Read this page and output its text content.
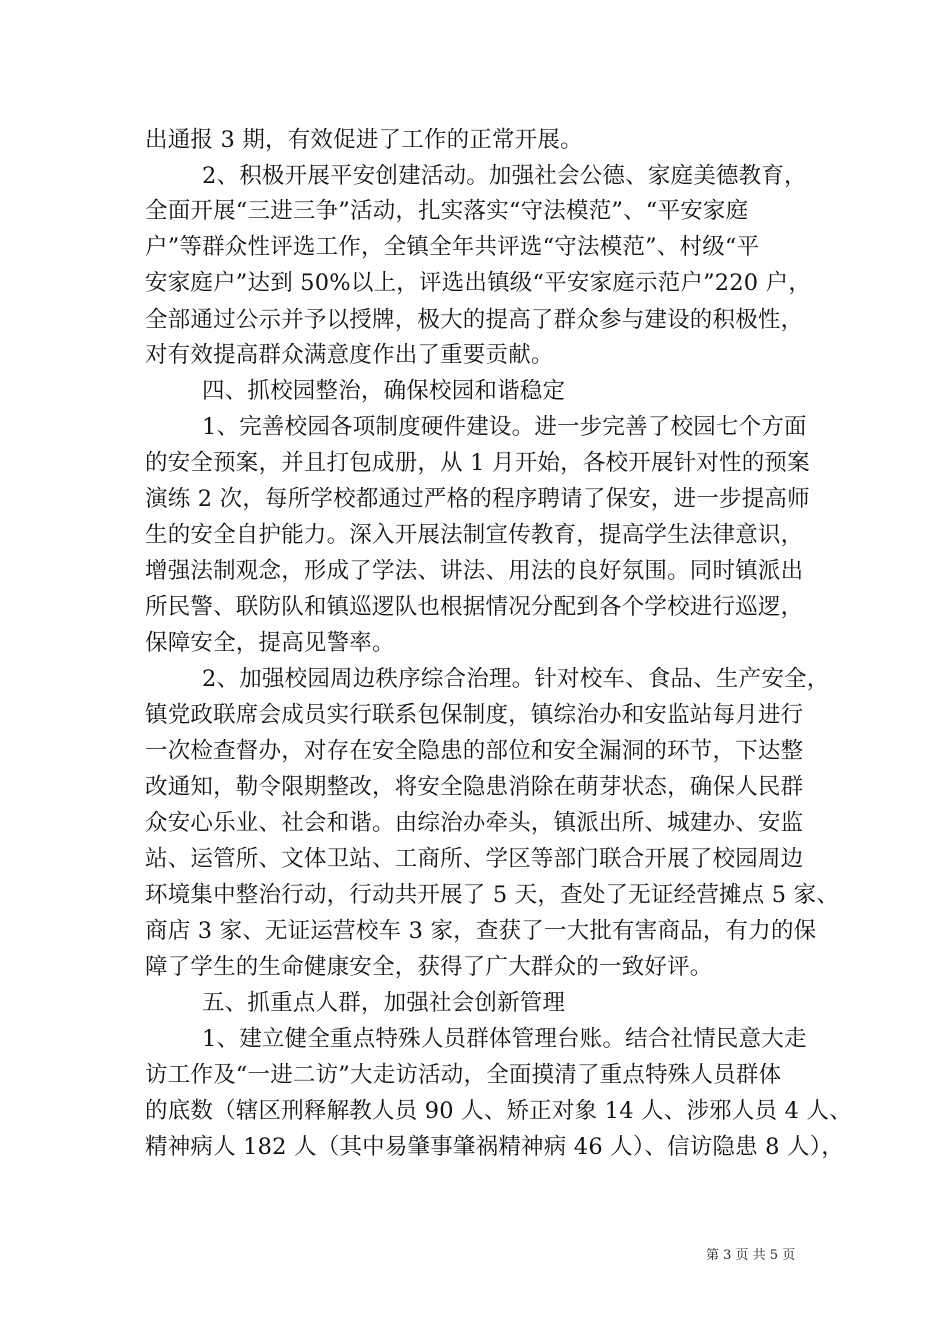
出通报 3 期，有效促进了工作的正常开展。
2、积极开展平安创建活动。加强社会公德、家庭美德教育，
全面开展“三进三争”活动，扎实落实“守法模范”、“平安家庭
户”等群众性评选工作，全镇全年共评选“守法模范”、村级“平
安家庭户”达到 50%以上，评选出镇级“平安家庭示范户”220 户，
全部通过公示并予以授牌，极大的提高了群众参与建设的积极性，
对有效提高群众满意度作出了重要贡献。
四、抓校园整治，确保校园和谐稳定
1、完善校园各项制度硬件建设。进一步完善了校园七个方面
的安全预案，并且打包成册，从 1 月开始，各校开展针对性的预案
演练 2 次，每所学校都通过严格的程序聘请了保安，进一步提高师
生的安全自护能力。深入开展法制宣传教育，提高学生法律意识，
增强法制观念，形成了学法、讲法、用法的良好氛围。同时镇派出
所民警、联防队和镇巡逻队也根据情况分配到各个学校进行巡逻，
保障安全，提高见警率。
2、加强校园周边秩序综合治理。针对校车、食品、生产安全，
镇党政联席会成员实行联系包保制度，镇综治办和安监站每月进行
一次检查督办，对存在安全隐患的部位和安全漏洞的环节，下达整
改通知，勒令限期整改，将安全隐患消除在萌芽状态，确保人民群
众安心乐业、社会和谐。由综治办牵头，镇派出所、城建办、安监
站、运管所、文体卫站、工商所、学区等部门联合开展了校园周边
环境集中整治行动，行动共开展了 5 天，查处了无证经营摊点 5 家、
商店 3 家、无证运营校车 3 家，查获了一大批有害商品，有力的保
障了学生的生命健康安全，获得了广大群众的一致好评。
五、抓重点人群，加强社会创新管理
1、建立健全重点特殊人员群体管理台账。结合社情民意大走
访工作及“一进二访”大走访活动，全面摸清了重点特殊人员群体
的底数（辖区刑释解教人员 90 人、矫正对象 14 人、涉邪人员 4 人、
精神病人 182 人（其中易肇事肇祸精神病 46 人）、信访隐患 8 人），
第 3 页 共 5 页
